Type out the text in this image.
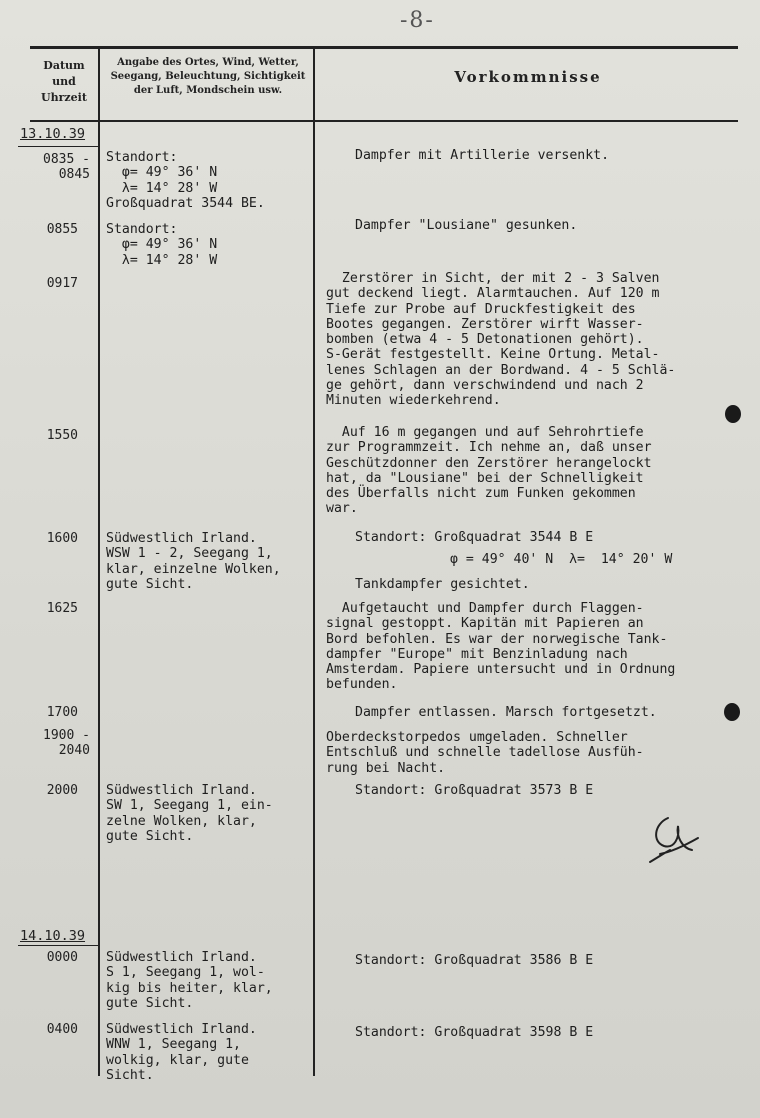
-8-
Datum und Uhrzeit
Angabe des Ortes, Wind, Wetter, Seegang, Beleuchtung, Sichtigkeit der Luft, Mondschein usw.
Vorkommnisse
13.10.39
0835 -
0845
0855
0917
1550
1600
1625
1700
1900 -
2040
2000
14.10.39
0000
0400
Standort:
φ= 49° 36' N
λ= 14° 28' W
Großquadrat 3544 BE.
Standort:
φ= 49° 36' N
λ= 14° 28' W
Südwestlich Irland.
WSW 1 - 2, Seegang 1,
klar, einzelne Wolken,
gute Sicht.
Südwestlich Irland.
SW 1, Seegang 1, ein-
zelne Wolken, klar,
gute Sicht.
Südwestlich Irland.
S 1, Seegang 1, wol-
kig bis heiter, klar,
gute Sicht.
Südwestlich Irland.
WNW 1, Seegang 1,
wolkig, klar, gute
Sicht.
Dampfer mit Artillerie versenkt.
Dampfer "Lousiane" gesunken.
Zerstörer in Sicht, der mit 2 - 3 Salven
gut deckend liegt. Alarmtauchen. Auf 120 m
Tiefe zur Probe auf Druckfestigkeit des
Bootes gegangen. Zerstörer wirft Wasser-
bomben (etwa 4 - 5 Detonationen gehört).
S-Gerät festgestellt. Keine Ortung. Metal-
lenes Schlagen an der Bordwand. 4 - 5 Schlä-
ge gehört, dann verschwindend und nach 2
Minuten wiederkehrend.
Auf 16 m gegangen und auf Sehrohrtiefe
zur Programmzeit. Ich nehme an, daß unser
Geschützdonner den Zerstörer herangelockt
hat, da "Lousiane" bei der Schnelligkeit
des Überfalls nicht zum Funken gekommen
war.
Standort: Großquadrat 3544 B E
φ = 49° 40' N  λ=  14° 20' W
Tankdampfer gesichtet.
Aufgetaucht und Dampfer durch Flaggen-
signal gestoppt. Kapitän mit Papieren an
Bord befohlen. Es war der norwegische Tank-
dampfer "Europe" mit Benzinladung nach
Amsterdam. Papiere untersucht und in Ordnung
befunden.
Dampfer entlassen. Marsch fortgesetzt.
Oberdeckstorpedos umgeladen. Schneller
Entschluß und schnelle tadellose Ausfüh-
rung bei Nacht.
Standort: Großquadrat 3573 B E
Standort: Großquadrat 3586 B E
Standort: Großquadrat 3598 B E
